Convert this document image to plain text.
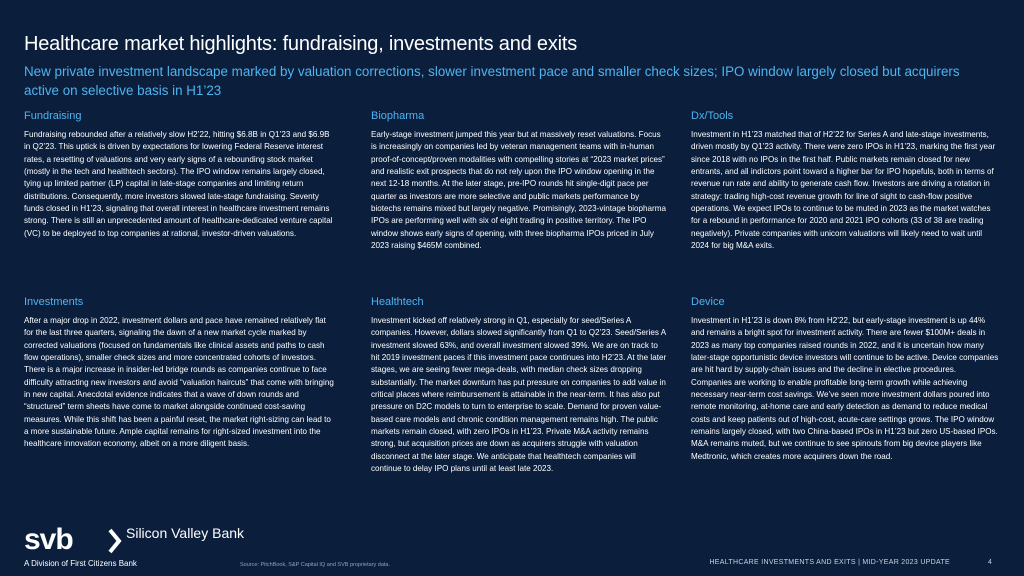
Healthcare market highlights: fundraising, investments and exits
New private investment landscape marked by valuation corrections, slower investment pace and smaller check sizes; IPO window largely closed but acquirers active on selective basis in H1’23
Fundraising

Fundraising rebounded after a relatively slow H2’22, hitting $6.8B in Q1’23 and $6.9B in Q2’23. This uptick is driven by expectations for lowering Federal Reserve interest rates, a resetting of valuations and very early signs of a rebounding stock market (mostly in the tech and healthtech sectors). The IPO window remains largely closed, tying up limited partner (LP) capital in late-stage companies and limiting return distributions. Consequently, more investors slowed late-stage fundraising. Seventy funds closed in H1’23, signaling that overall interest in healthcare investment remains strong. There is still an unprecedented amount of healthcare-dedicated venture capital (VC) to be deployed to top companies at rational, investor-driven valuations.

Biopharma

Early-stage investment jumped this year but at massively reset valuations. Focus is increasingly on companies led by veteran management teams with in-human proof-of-concept/proven modalities with compelling stories at “2023 market prices” and realistic exit prospects that do not rely upon the IPO window opening in the next 12-18 months. At the later stage, pre-IPO rounds hit single-digit pace per quarter as investors are more selective and public markets performance by biotechs remains mixed but largely negative. Promisingly, 2023-vintage biopharma IPOs are performing well with six of eight trading in positive territory. The IPO window shows early signs of opening, with three biopharma IPOs priced in July 2023 raising $465M combined.

Dx/Tools

Investment in H1’23 matched that of H2’22 for Series A and late-stage investments, driven mostly by Q1’23 activity. There were zero IPOs in H1’23, marking the first year since 2018 with no IPOs in the first half. Public markets remain closed for new entrants, and all indictors point toward a higher bar for IPO hopefuls, both in terms of revenue run rate and ability to generate cash flow. Investors are driving a rotation in strategy: trading high-cost revenue growth for line of sight to cash-flow positive operations. We expect IPOs to continue to be muted in 2023 as the market watches for a rebound in performance for 2020 and 2021 IPO cohorts (33 of 38 are trading negatively). Private companies with unicorn valuations will likely need to wait until 2024 for big M&A exits.

Investments

After a major drop in 2022, investment dollars and pace have remained relatively flat for the last three quarters, signaling the dawn of a new market cycle marked by corrected valuations (focused on fundamentals like clinical assets and paths to cash flow operations), smaller check sizes and more concentrated cohorts of investors. There is a major increase in insider-led bridge rounds as companies continue to face difficulty attracting new investors and avoid “valuation haircuts” that come with bringing in new capital. Anecdotal evidence indicates that a wave of down rounds and “structured” term sheets have come to market alongside continued cost-saving measures. While this shift has been a painful reset, the market right-sizing can lead to a more sustainable future. Ample capital remains for right-sized investment into the healthcare innovation economy, albeit on a more diligent basis.

Healthtech

Investment kicked off relatively strong in Q1, especially for seed/Series A companies. However, dollars slowed significantly from Q1 to Q2’23. Seed/Series A investment slowed 63%, and overall investment slowed 39%. We are on track to hit 2019 investment paces if this investment pace continues into H2’23. At the later stages, we are seeing fewer mega-deals, with median check sizes dropping substantially. The market downturn has put pressure on companies to add value in critical places where reimbursement is attainable in the near-term. It has also put pressure on D2C models to turn to enterprise to scale. Demand for proven value-based care models and chronic condition management remains high. The public markets remain closed, with zero IPOs in H1’23. Private M&A activity remains strong, but acquisition prices are down as acquirers struggle with valuation disconnect at the later stage. We anticipate that healthtech companies will continue to delay IPO plans until at least late 2023.

Device

Investment in H1’23 is down 8% from H2’22, but early-stage investment is up 44% and remains a bright spot for investment activity. There are fewer $100M+ deals in 2023 as many top companies raised rounds in 2022, and it is uncertain how many later-stage opportunistic device investors will continue to be active. Device companies are hit hard by supply-chain issues and the decline in elective procedures. Companies are working to enable profitable long-term growth while achieving necessary near-term cost savings. We’ve seen more investment dollars poured into remote monitoring, at-home care and early detection as demand to reduce medical costs and keep patients out of high-cost, acute-care settings grows. The IPO window remains largely closed, with two China-based IPOs in H1’23 but zero US-based IPOs. M&A remains muted, but we continue to see spinouts from big device players like Medtronic, which creates more acquirers down the road.

svb	Silicon Valley Bank
A Division of First Citizens Bank	Source: PitchBook, S&P Capital IQ and SVB proprietary data.	HEALTHCARE INVESTMENTS AND EXITS | MID-YEAR 2023 UPDATE	4
